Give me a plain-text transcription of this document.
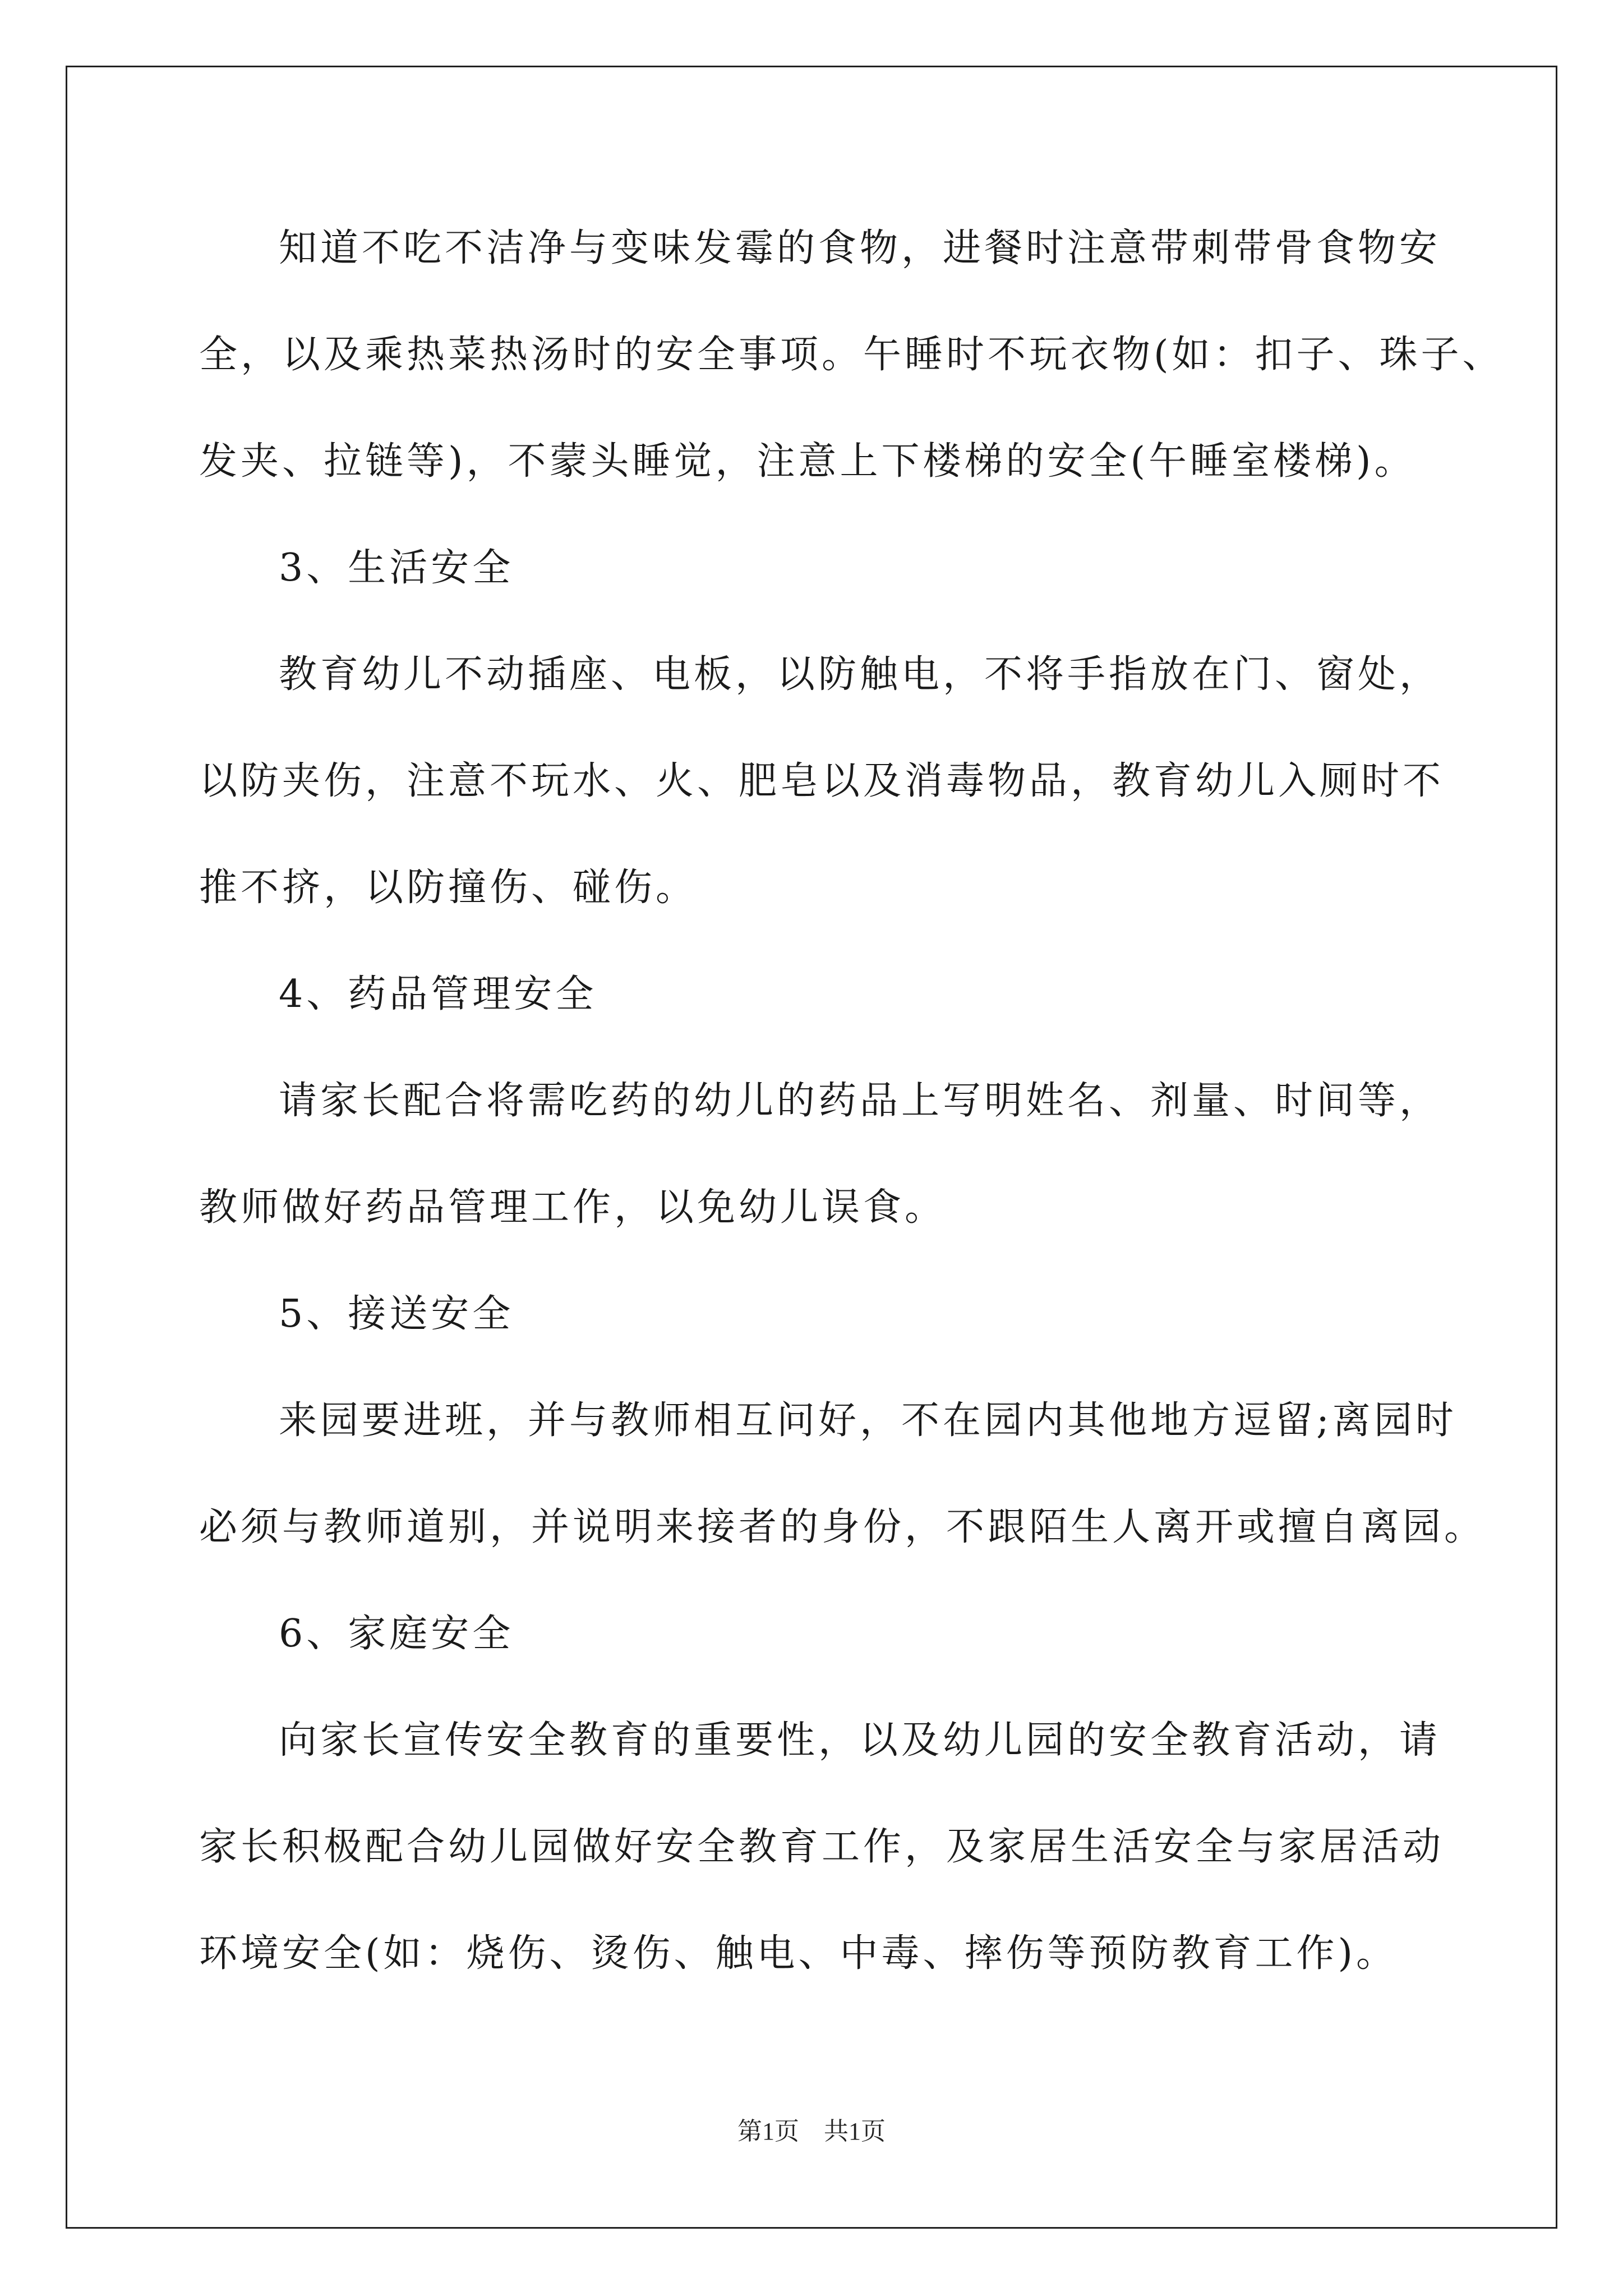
知道不吃不洁净与变味发霉的食物，进餐时注意带刺带骨食物安
全，以及乘热菜热汤时的安全事项。午睡时不玩衣物(如：扣子、珠子、
发夹、拉链等)，不蒙头睡觉，注意上下楼梯的安全(午睡室楼梯)。
3、生活安全
教育幼儿不动插座、电板，以防触电，不将手指放在门、窗处，
以防夹伤，注意不玩水、火、肥皂以及消毒物品，教育幼儿入厕时不
推不挤，以防撞伤、碰伤。
4、药品管理安全
请家长配合将需吃药的幼儿的药品上写明姓名、剂量、时间等，
教师做好药品管理工作，以免幼儿误食。
5、接送安全
来园要进班，并与教师相互问好，不在园内其他地方逗留;离园时
必须与教师道别，并说明来接者的身份，不跟陌生人离开或擅自离园。
6、家庭安全
向家长宣传安全教育的重要性，以及幼儿园的安全教育活动，请
家长积极配合幼儿园做好安全教育工作，及家居生活安全与家居活动
环境安全(如：烧伤、烫伤、触电、中毒、摔伤等预防教育工作)。
第1页　共1页
